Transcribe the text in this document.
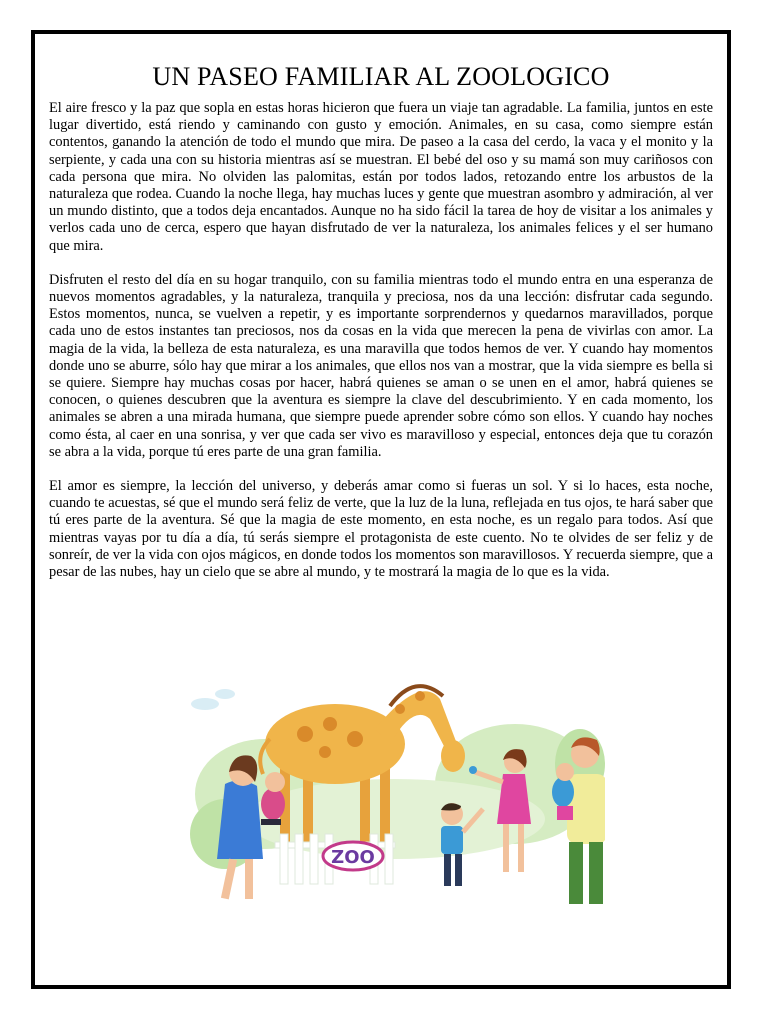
UN PASEO FAMILIAR AL ZOOLOGICO

El aire fresco y la paz que sopla en estas horas hicieron que fuera un viaje tan agradable. La familia, juntos en este lugar divertido, está riendo y caminando con gusto y emoción. Animales, en su casa, como siempre están contentos, ganando la atención de todo el mundo que mira. De paseo a la casa del cerdo, la vaca y el monito y la serpiente, y cada una con su historia mientras así se muestran. El bebé del oso y su mamá son muy cariñosos con cada persona que mira. No olviden las palomitas, están por todos lados, retozando entre los arbustos de la naturaleza que rodea. Cuando la noche llega, hay muchas luces y gente que muestran asombro y admiración, al ver un mundo distinto, que a todos deja encantados. Aunque no ha sido fácil la tarea de hoy de visitar a los animales y verlos cada uno de cerca, espero que hayan disfrutado de ver la naturaleza, los animales felices y el ser humano que mira.

Disfruten el resto del día en su hogar tranquilo, con su familia mientras todo el mundo entra en una esperanza de nuevos momentos agradables, y la naturaleza, tranquila y preciosa, nos da una lección: disfrutar cada segundo. Estos momentos, nunca, se vuelven a repetir, y es importante sorprendernos y quedarnos maravillados, porque cada uno de estos instantes tan preciosos, nos da cosas en la vida que merecen la pena de vivirlas con amor. La magia de la vida, la belleza de esta naturaleza, es una maravilla que todos hemos de ver. Y cuando hay momentos donde uno se aburre, sólo hay que mirar a los animales, que ellos nos van a mostrar, que la vida siempre es bella si se quiere. Siempre hay muchas cosas por hacer, habrá quienes se aman o se unen en el amor, habrá quienes se conocen, o quienes descubren que la aventura es siempre la clave del descubrimiento. Y en cada momento, los animales se abren a una mirada humana, que siempre puede aprender sobre cómo son ellos. Y cuando hay noches como ésta, al caer en una sonrisa, y ver que cada ser vivo es maravilloso y especial, entonces deja que tu corazón se abra a la vida, porque tú eres parte de una gran familia.

El amor es siempre, la lección del universo, y deberás amar como si fueras un sol. Y si lo haces, esta noche, cuando te acuestas, sé que el mundo será feliz de verte, que la luz de la luna, reflejada en tus ojos, te hará saber que tú eres parte de la aventura. Sé que la magia de este momento, en esta noche, es un regalo para todos. Así que mientras vayas por tu día a día, tú serás siempre el protagonista de este cuento. No te olvides de ser feliz y de sonreír, de ver la vida con ojos mágicos, en donde todos los momentos son maravillosos. Y recuerda siempre, que a pesar de las nubes, hay un cielo que se abre al mundo, y te mostrará la magia de lo que es la vida.

ZOO
